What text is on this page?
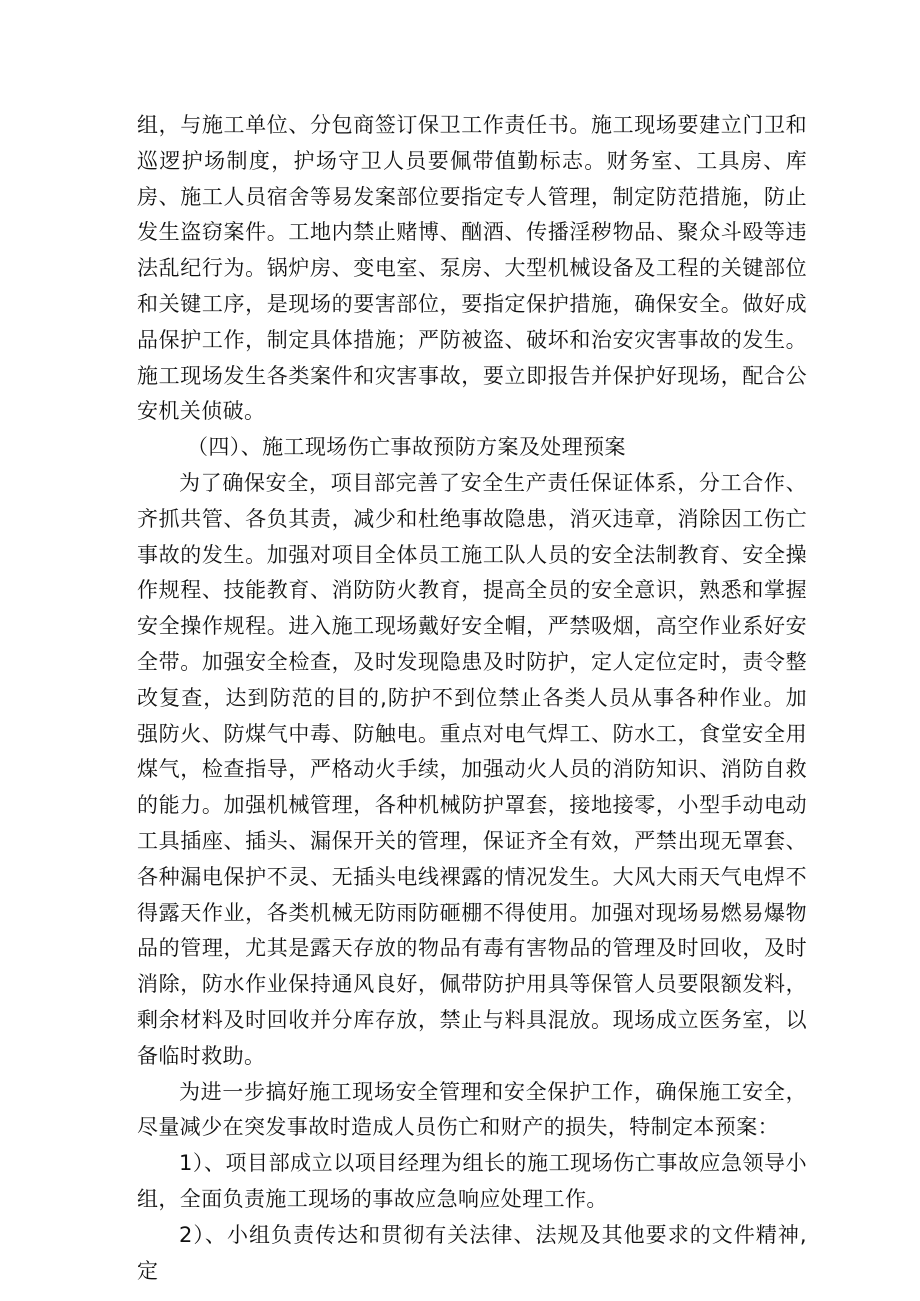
组，与施工单位、分包商签订保卫工作责任书。施工现场要建立门卫和巡逻护场制度，护场守卫人员要佩带值勤标志。财务室、工具房、库房、施工人员宿舍等易发案部位要指定专人管理，制定防范措施，防止发生盗窃案件。工地内禁止赌博、酗酒、传播淫秽物品、聚众斗殴等违法乱纪行为。锅炉房、变电室、泵房、大型机械设备及工程的关键部位和关键工序，是现场的要害部位，要指定保护措施，确保安全。做好成品保护工作，制定具体措施；严防被盗、破坏和治安灾害事故的发生。施工现场发生各类案件和灾害事故，要立即报告并保护好现场，配合公安机关侦破。

（四）、施工现场伤亡事故预防方案及处理预案

为了确保安全，项目部完善了安全生产责任保证体系，分工合作、齐抓共管、各负其责，减少和杜绝事故隐患，消灭违章，消除因工伤亡事故的发生。加强对项目全体员工施工队人员的安全法制教育、安全操作规程、技能教育、消防防火教育，提高全员的安全意识，熟悉和掌握安全操作规程。进入施工现场戴好安全帽，严禁吸烟，高空作业系好安全带。加强安全检查，及时发现隐患及时防护，定人定位定时，责令整改复查，达到防范的目的,防护不到位禁止各类人员从事各种作业。加强防火、防煤气中毒、防触电。重点对电气焊工、防水工，食堂安全用煤气，检查指导，严格动火手续，加强动火人员的消防知识、消防自救的能力。加强机械管理，各种机械防护罩套，接地接零，小型手动电动工具插座、插头、漏保开关的管理，保证齐全有效，严禁出现无罩套、各种漏电保护不灵、无插头电线裸露的情况发生。大风大雨天气电焊不得露天作业，各类机械无防雨防砸棚不得使用。加强对现场易燃易爆物品的管理，尤其是露天存放的物品有毒有害物品的管理及时回收，及时消除，防水作业保持通风良好，佩带防护用具等保管人员要限额发料，剩余材料及时回收并分库存放，禁止与料具混放。现场成立医务室，以备临时救助。

为进一步搞好施工现场安全管理和安全保护工作，确保施工安全，尽量减少在突发事故时造成人员伤亡和财产的损失，特制定本预案：

1）、项目部成立以项目经理为组长的施工现场伤亡事故应急领导小组，全面负责施工现场的事故应急响应处理工作。

2）、小组负责传达和贯彻有关法律、法规及其他要求的文件精神,定
